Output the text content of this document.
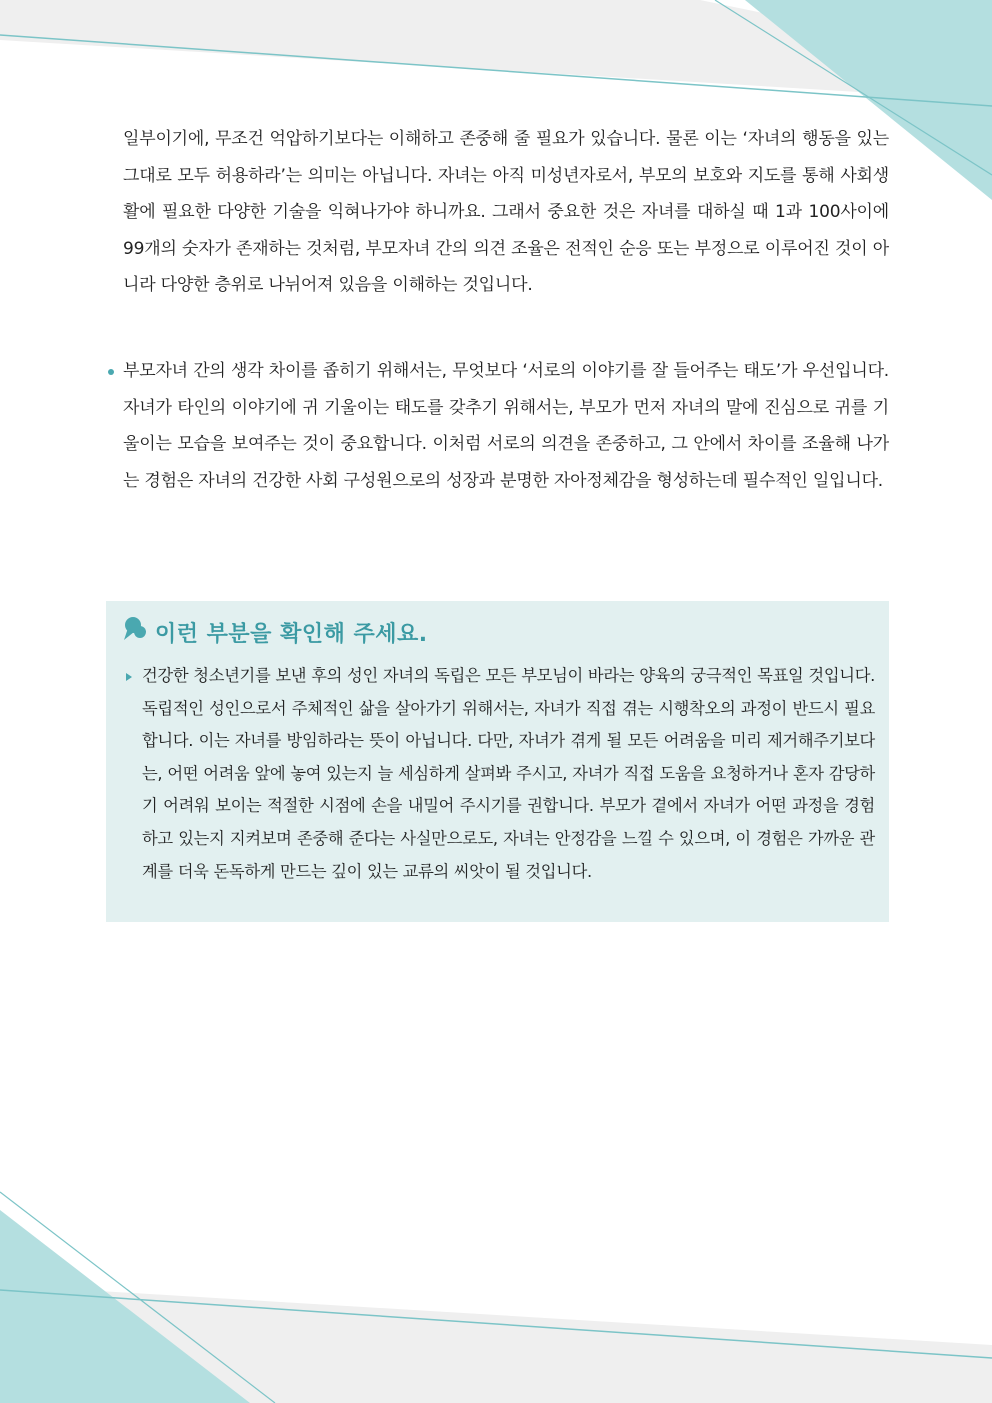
일부이기에, 무조건 억압하기보다는 이해하고 존중해 줄 필요가 있습니다. 물론 이는 ‘자녀의 행동을 있는 그대로 모두 허용하라’는 의미는 아닙니다. 자녀는 아직 미성년자로서, 부모의 보호와 지도를 통해 사회생활에 필요한 다양한 기술을 익혀나가야 하니까요. 그래서 중요한 것은 자녀를 대하실 때 1과 100사이에 99개의 숫자가 존재하는 것처럼, 부모자녀 간의 의견 조율은 전적인 순응 또는 부정으로 이루어진 것이 아니라 다양한 층위로 나뉘어져 있음을 이해하는 것입니다.
부모자녀 간의 생각 차이를 좁히기 위해서는, 무엇보다 ‘서로의 이야기를 잘 들어주는 태도’가 우선입니다. 자녀가 타인의 이야기에 귀 기울이는 태도를 갖추기 위해서는, 부모가 먼저 자녀의 말에 진심으로 귀를 기울이는 모습을 보여주는 것이 중요합니다. 이처럼 서로의 의견을 존중하고, 그 안에서 차이를 조율해 나가는 경험은 자녀의 건강한 사회 구성원으로의 성장과 분명한 자아정체감을 형성하는데 필수적인 일입니다.
이런 부분을 확인해 주세요.
건강한 청소년기를 보낸 후의 성인 자녀의 독립은 모든 부모님이 바라는 양육의 궁극적인 목표일 것입니다. 독립적인 성인으로서 주체적인 삶을 살아가기 위해서는, 자녀가 직접 겪는 시행착오의 과정이 반드시 필요합니다. 이는 자녀를 방임하라는 뜻이 아닙니다. 다만, 자녀가 겪게 될 모든 어려움을 미리 제거해주기보다는, 어떤 어려움 앞에 놓여 있는지 늘 세심하게 살펴봐 주시고, 자녀가 직접 도움을 요청하거나 혼자 감당하기 어려워 보이는 적절한 시점에 손을 내밀어 주시기를 권합니다. 부모가 곁에서 자녀가 어떤 과정을 경험하고 있는지 지켜보며 존중해 준다는 사실만으로도, 자녀는 안정감을 느낄 수 있으며, 이 경험은 가까운 관계를 더욱 돈독하게 만드는 깊이 있는 교류의 씨앗이 될 것입니다.
